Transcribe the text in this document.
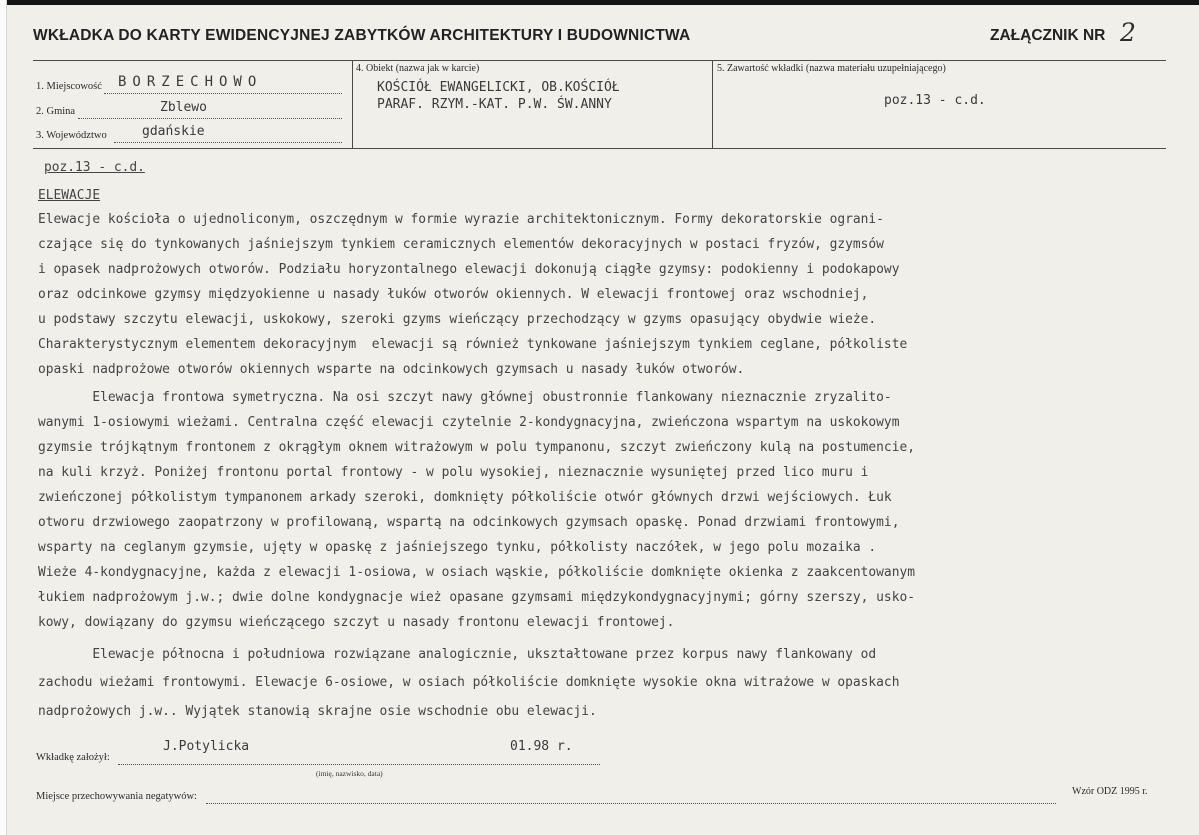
WKŁADKA DO KARTY EWIDENCYJNEJ ZABYTKÓW ARCHITEKTURY I BUDOWNICTWA	ZAŁĄCZNIK NR 2
1. Miejscowość BORZECHOWO
2. Gmina	Zblewo
3. Województwo	gdańskie
4. Obiekt (nazwa jak w karcie)
KOŚCIÓŁ EWANGELICKI, OB.KOŚCIÓŁ
PARAF. RZYM.-KAT. P.W. ŚW.ANNY
5. Zawartość wkładki (nazwa materiału uzupełniającego)
poz.13 - c.d.
poz.13 - c.d.
ELEWACJE
Elewacje kościoła o ujednoliconym, oszczędnym w formie wyrazie architektonicznym. Formy dekoratorskie ograni-
czające się do tynkowanych jaśniejszym tynkiem ceramicznych elementów dekoracyjnych w postaci fryzów, gzymsów
i opasek nadprożowych otworów. Podziału horyzontalnego elewacji dokonują ciągłe gzymsy: podokienny i podokapowy
oraz odcinkowe gzymsy międzyokienne u nasady łuków otworów okiennych. W elewacji frontowej oraz wschodniej,
u podstawy szczytu elewacji, uskokowy, szeroki gzyms wieńczący przechodzący w gzyms opasujący obydwie wieże.
Charakterystycznym elementem dekoracyjnym  elewacji są również tynkowane jaśniejszym tynkiem ceglane, półkoliste
opaski nadprożowe otworów okiennych wsparte na odcinkowych gzymsach u nasady łuków otworów.
Elewacja frontowa symetryczna. Na osi szczyt nawy głównej obustronnie flankowany nieznacznie zryzalito-
wanymi 1-osiowymi wieżami. Centralna część elewacji czytelnie 2-kondygnacyjna, zwieńczona wspartym na uskokowym
gzymsie trójkątnym frontonem z okrągłym oknem witrażowym w polu tympanonu, szczyt zwieńczony kulą na postumencie,
na kuli krzyż. Poniżej frontonu portal frontowy - w polu wysokiej, nieznacznie wysuniętej przed lico muru i
zwieńczonej półkolistym tympanonem arkady szeroki, domknięty półkoliście otwór głównych drzwi wejściowych. Łuk
otworu drzwiowego zaopatrzony w profilowaną, wspartą na odcinkowych gzymsach opaskę. Ponad drzwiami frontowymi,
wsparty na ceglanym gzymsie, ujęty w opaskę z jaśniejszego tynku, półkolisty naczółek, w jego polu mozaika .
Wieże 4-kondygnacyjne, każda z elewacji 1-osiowa, w osiach wąskie, półkoliście domknięte okienka z zaakcentowanym
łukiem nadprożowym j.w.; dwie dolne kondygnacje wież opasane gzymsami międzykondygnacyjnymi; górny szerszy, usko-
kowy, dowiązany do gzymsu wieńczącego szczyt u nasady frontonu elewacji frontowej.
Elewacje północna i południowa rozwiązane analogicznie, ukształtowane przez korpus nawy flankowany od
zachodu wieżami frontowymi. Elewacje 6-osiowe, w osiach półkoliście domknięte wysokie okna witrażowe w opaskach
nadprożowych j.w.. Wyjątek stanowią skrajne osie wschodnie obu elewacji.
Wkładkę założył:
J.Potylicka	01.98 r.
(imię, nazwisko, data)
Miejsce przechowywania negatywów:	Wzór ODZ 1995 r.
